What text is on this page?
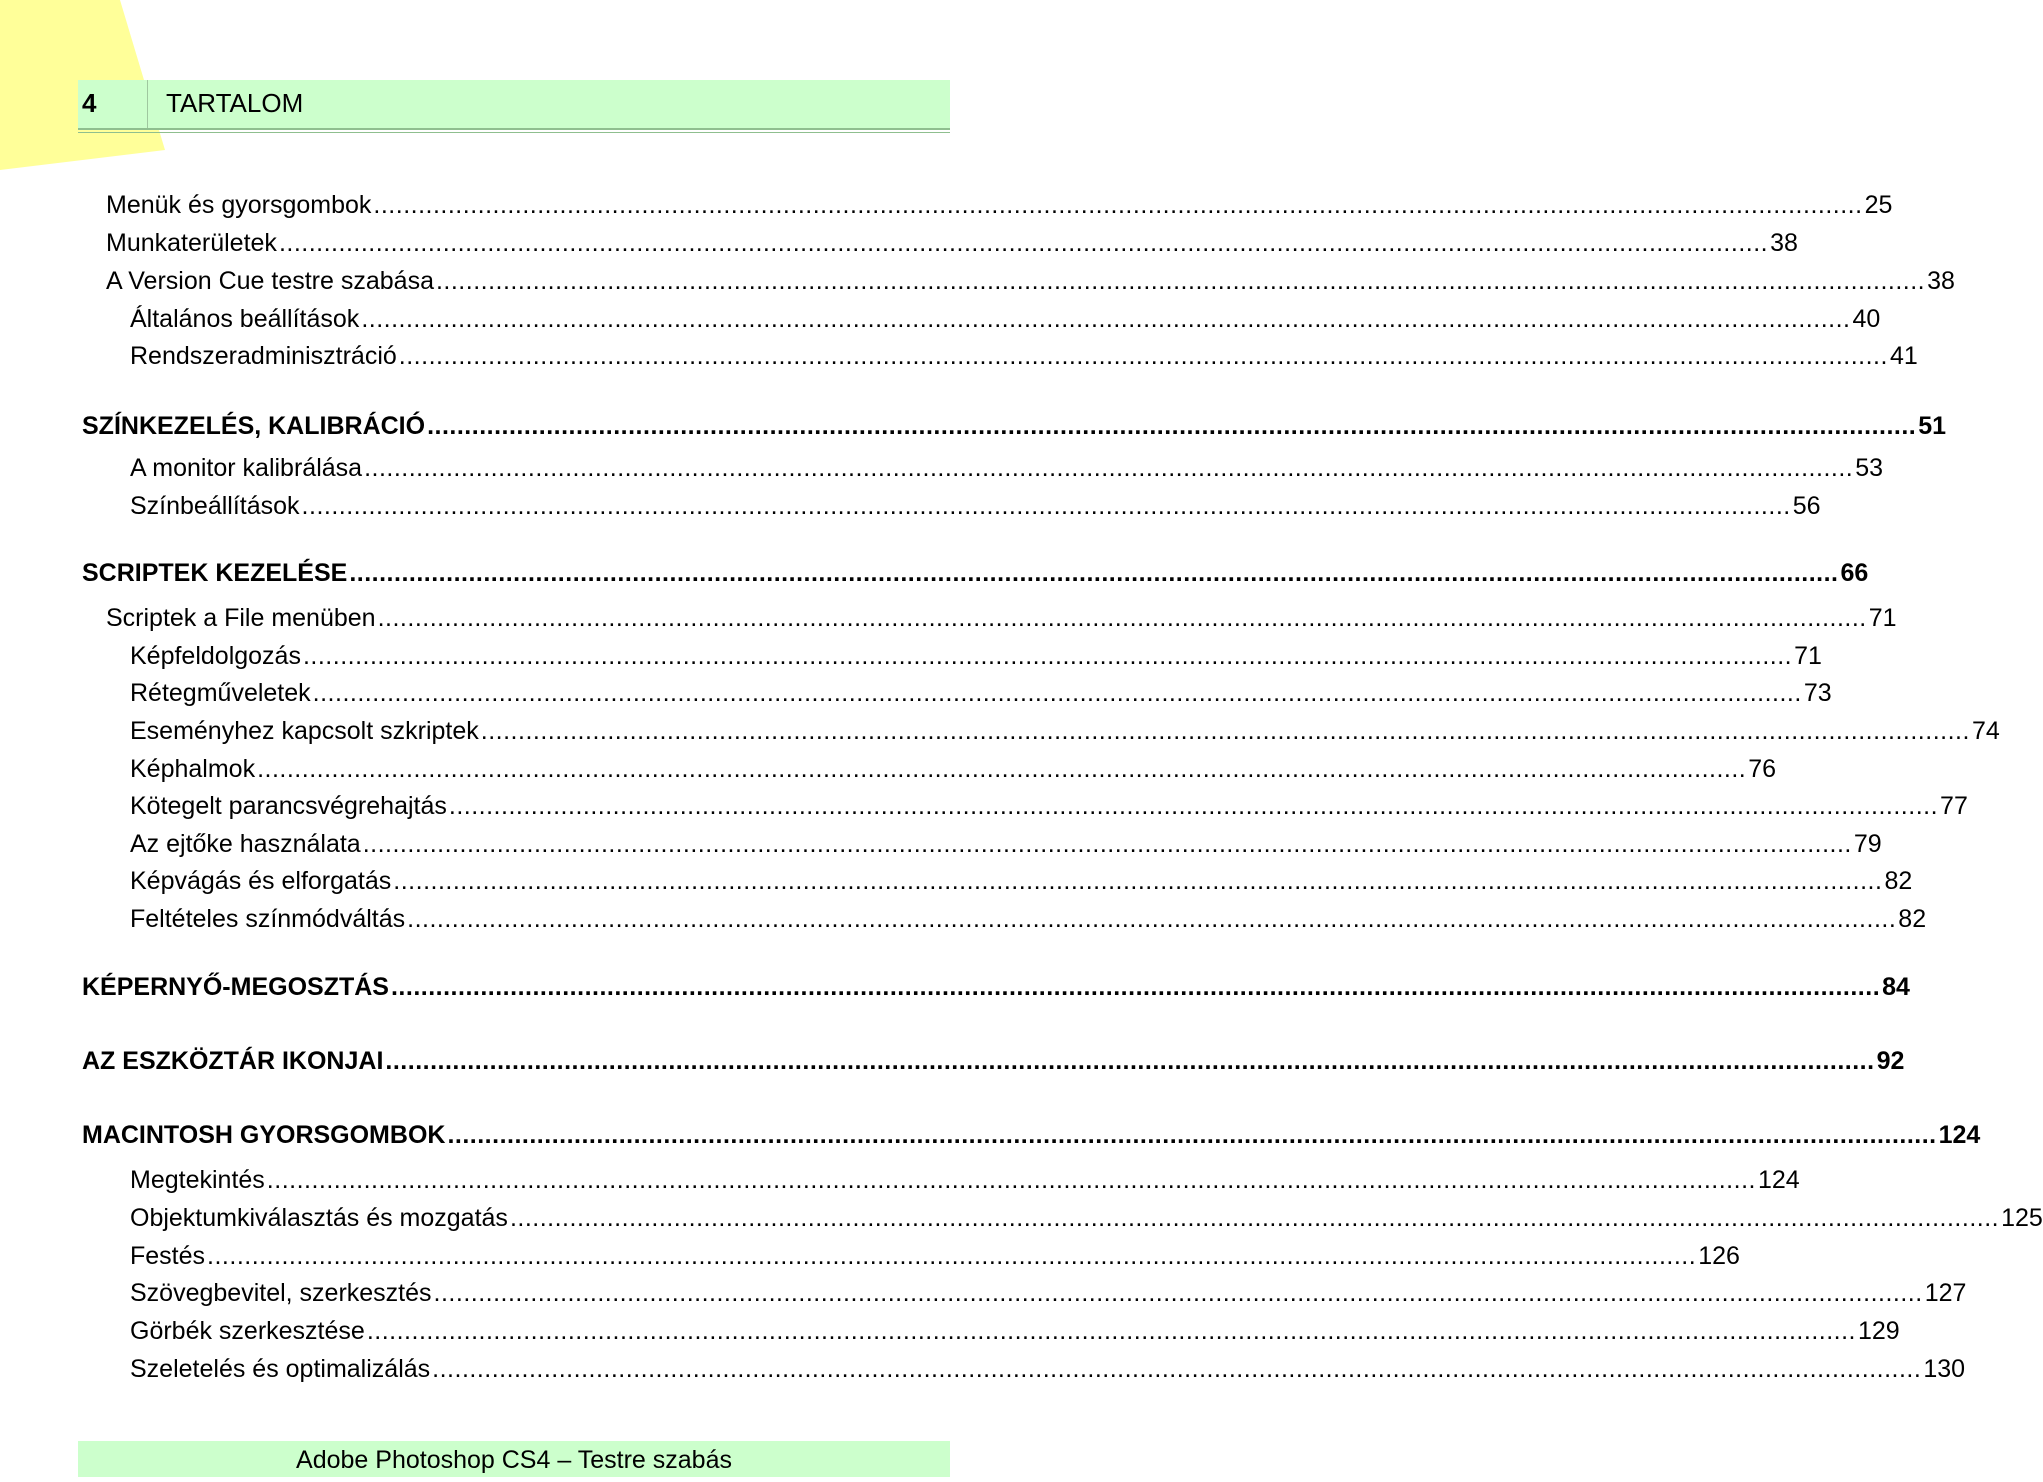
4	TARTALOM
Menük és gyorsgombok ........................................................................................................................................................................................................ 25
Munkaterületek ........................................................................................................................................................................................................ 38
A Version Cue testre szabása ........................................................................................................................................................................................................ 38
Általános beállítások ........................................................................................................................................................................................................ 40
Rendszeradminisztráció ........................................................................................................................................................................................................ 41
SZÍNKEZELÉS, KALIBRÁCIÓ ........................................................................................................................................................................................................ 51
A monitor kalibrálása ........................................................................................................................................................................................................ 53
Színbeállítások ........................................................................................................................................................................................................ 56
SCRIPTEK KEZELÉSE ........................................................................................................................................................................................................ 66
Scriptek a File menüben ........................................................................................................................................................................................................ 71
Képfeldolgozás ........................................................................................................................................................................................................ 71
Rétegműveletek ........................................................................................................................................................................................................ 73
Eseményhez kapcsolt szkriptek ........................................................................................................................................................................................................ 74
Képhalmok ........................................................................................................................................................................................................ 76
Kötegelt parancsvégrehajtás ........................................................................................................................................................................................................ 77
Az ejtőke használata ........................................................................................................................................................................................................ 79
Képvágás és elforgatás ........................................................................................................................................................................................................ 82
Feltételes színmódváltás ........................................................................................................................................................................................................ 82
KÉPERNYŐ-MEGOSZTÁS ........................................................................................................................................................................................................ 84
AZ ESZKÖZTÁR IKONJAI ........................................................................................................................................................................................................ 92
MACINTOSH GYORSGOMBOK ........................................................................................................................................................................................................ 124
Megtekintés ........................................................................................................................................................................................................ 124
Objektumkiválasztás és mozgatás ........................................................................................................................................................................................................ 125
Festés ........................................................................................................................................................................................................ 126
Szövegbevitel, szerkesztés ........................................................................................................................................................................................................ 127
Görbék szerkesztése ........................................................................................................................................................................................................ 129
Szeletelés és optimalizálás ........................................................................................................................................................................................................ 130
Adobe Photoshop CS4 – Testre szabás
